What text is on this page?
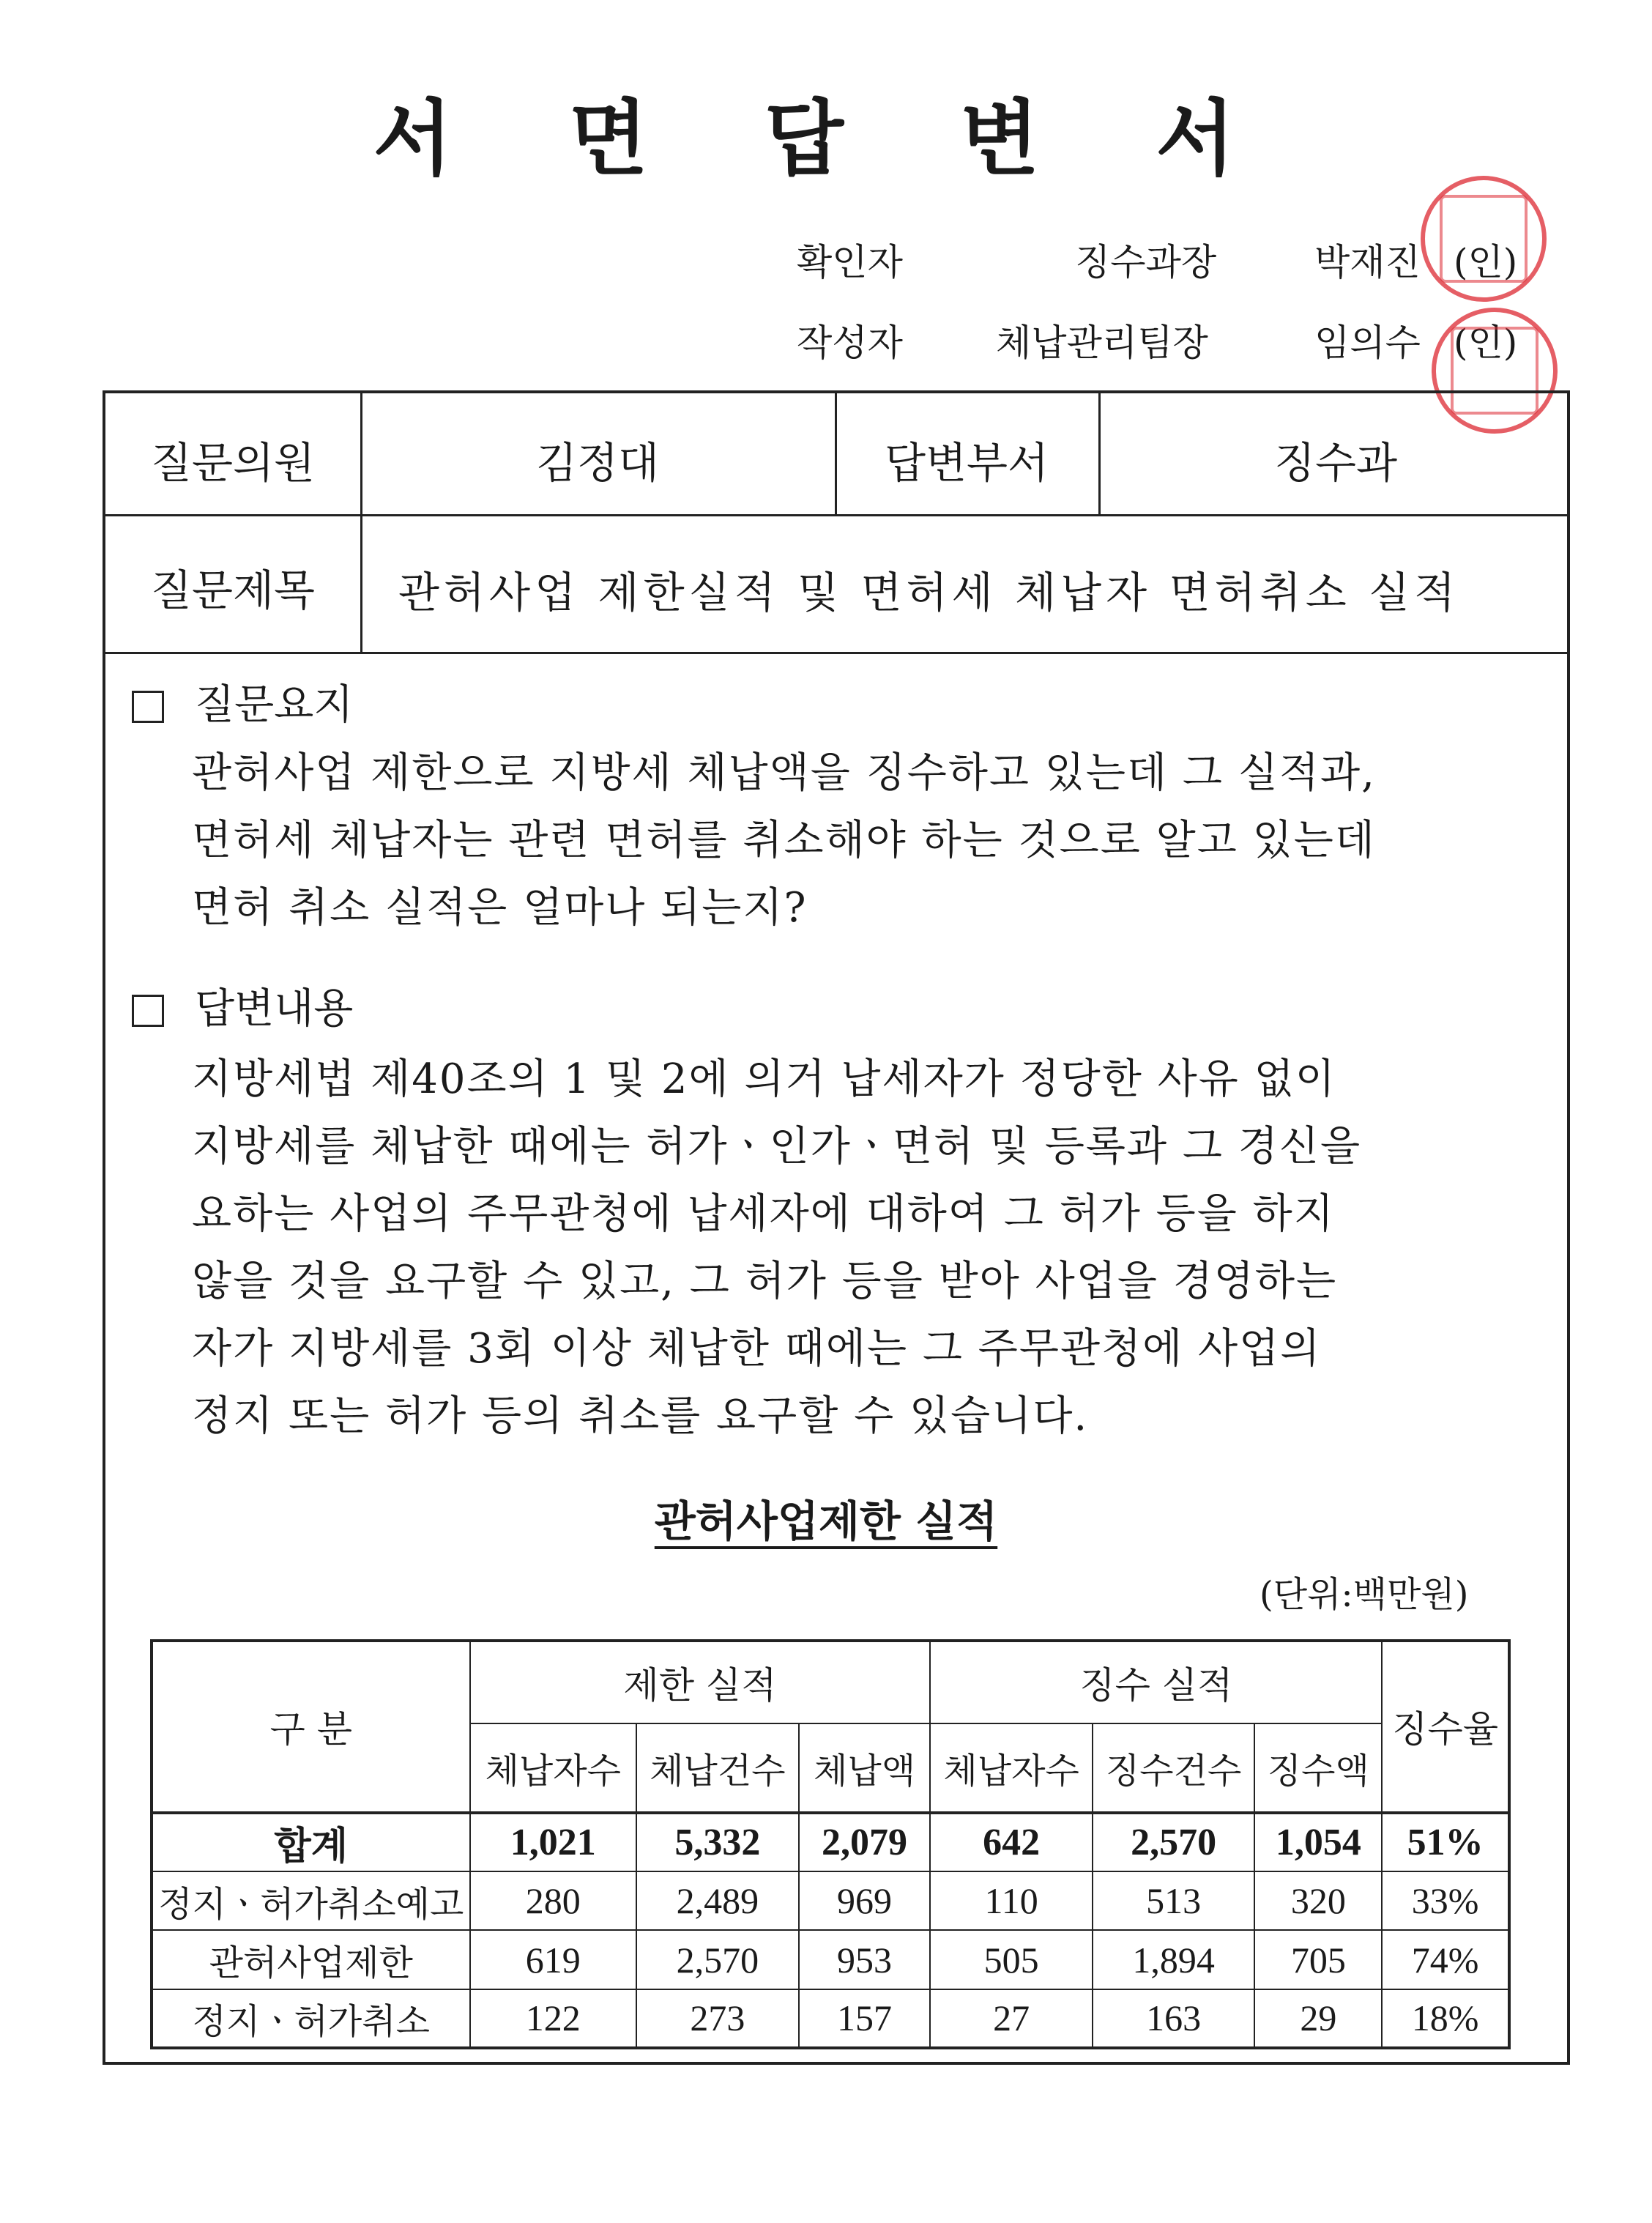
서 면 답 변 서
확인자	징수과장	박재진 (인)
작성자	체납관리팀장	임의수 (인)
질문의원	김정대	답변부서	징수과
질문제목	관허사업 제한실적 및 면허세 체납자 면허취소 실적
질문요지
관허사업 제한으로 지방세 체납액을 징수하고 있는데 그 실적과,
면허세 체납자는 관련 면허를 취소해야 하는 것으로 알고 있는데
면허 취소 실적은 얼마나 되는지?
답변내용
지방세법 제40조의 1 및 2에 의거 납세자가 정당한 사유 없이
지방세를 체납한 때에는 허가ㆍ인가ㆍ면허 및 등록과 그 경신을
요하는 사업의 주무관청에 납세자에 대하여 그 허가 등을 하지
않을 것을 요구할 수 있고, 그 허가 등을 받아 사업을 경영하는
자가 지방세를 3회 이상 체납한 때에는 그 주무관청에 사업의
정지 또는 허가 등의 취소를 요구할 수 있습니다.
관허사업제한 실적
(단위:백만원)
구 분	제한 실적			징수 실적			징수율
	체납자수	체납건수	체납액	체납자수	징수건수	징수액	
합계	1,021	5,332	2,079	642	2,570	1,054	51%
정지ㆍ허가취소예고	280	2,489	969	110	513	320	33%
관허사업제한	619	2,570	953	505	1,894	705	74%
정지ㆍ허가취소	122	273	157	27	163	29	18%
